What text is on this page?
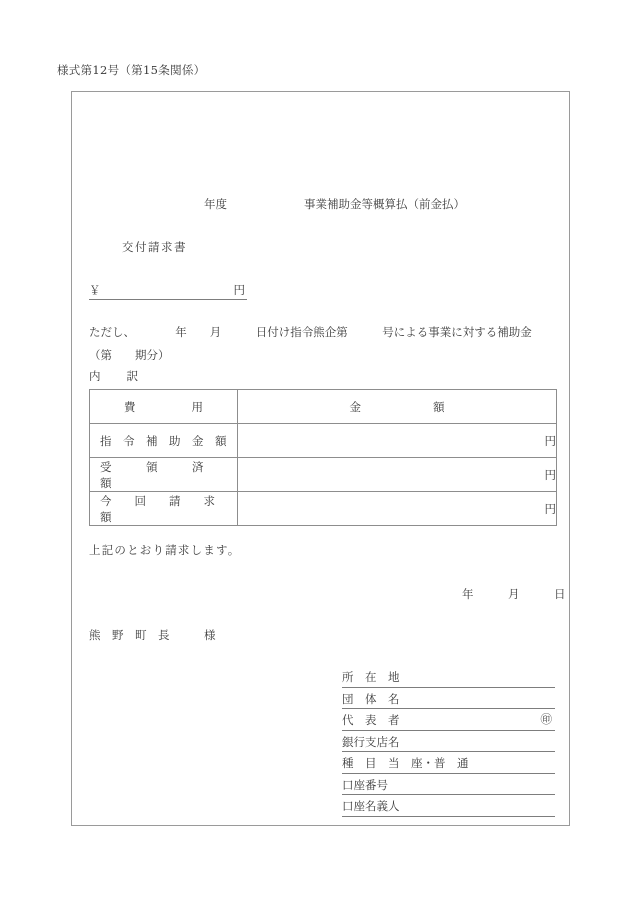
様式第12号（第15条関係）
年度	事業補助金等概算払（前金払）
交付請求書
￥	円
ただし、　　　　年　　月　　　日付け指令熊企第　　　号による事業に対する補助金
（第　　期分）
内　　訳
費 用	金 額

指　令　補　助　金　額	円

受　　　領　　　済　　　額	円

今　　回　　請　　求　　額	円
上記のとおり請求します。
年　　　月　　　日
熊　野　町　長　　　様
所　在　地
団　体　名
代　表　者	㊞
銀行支店名
種　目　当　座・普　通
口座番号
口座名義人
